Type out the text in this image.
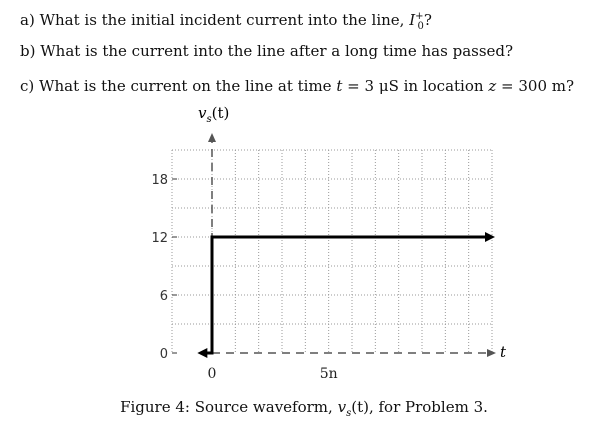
a) What is the initial incident current into the line, $I^+_0$?
b) What is the current into the line after a long time has passed?
c) What is the current on the line at time t = 3 μS in location z = 300 m?
0
6
12
18
0	5n
$v_s(t)$
t
Figure 4: Source waveform, $v_s(t)$, for Problem 3.
